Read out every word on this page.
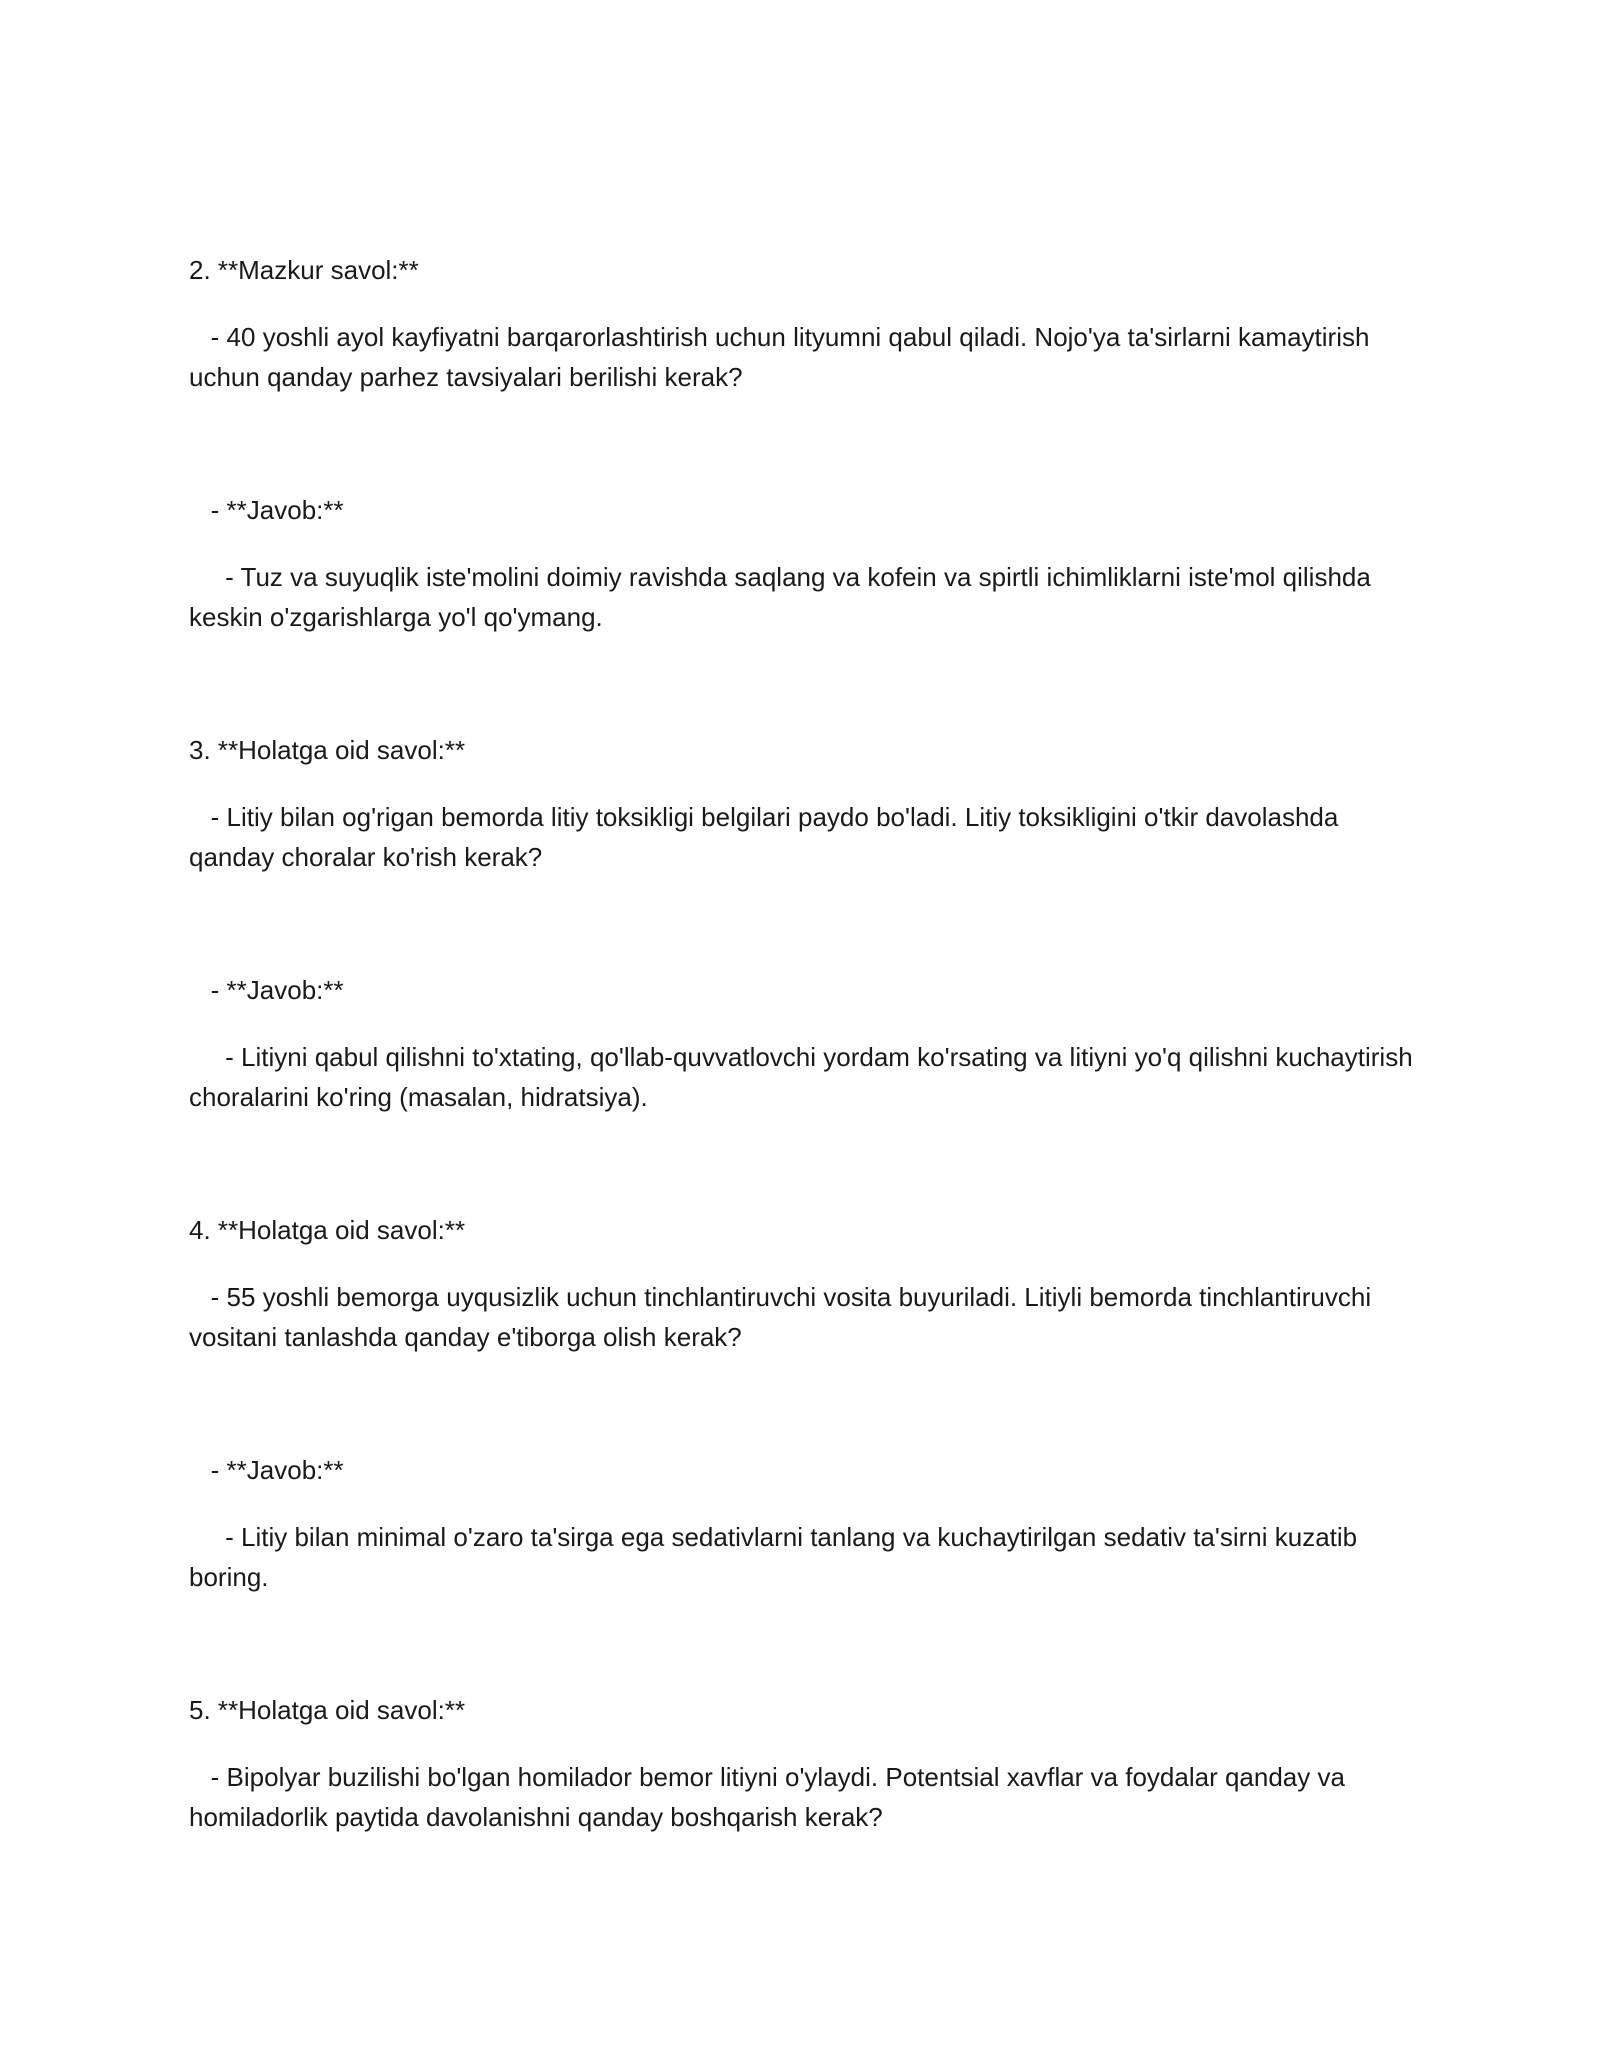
2. **Mazkur savol:**

- 40 yoshli ayol kayfiyatni barqarorlashtirish uchun lityumni qabul qiladi. Nojo'ya ta'sirlarni kamaytirish uchun qanday parhez tavsiyalari berilishi kerak?

- **Javob:**

- Tuz va suyuqlik iste'molini doimiy ravishda saqlang va kofein va spirtli ichimliklarni iste'mol qilishda keskin o'zgarishlarga yo'l qo'ymang.

3. **Holatga oid savol:**

- Litiy bilan og'rigan bemorda litiy toksikligi belgilari paydo bo'ladi. Litiy toksikligini o'tkir davolashda qanday choralar ko'rish kerak?

- **Javob:**

- Litiyni qabul qilishni to'xtating, qo'llab-quvvatlovchi yordam ko'rsating va litiyni yo'q qilishni kuchaytirish choralarini ko'ring (masalan, hidratsiya).

4. **Holatga oid savol:**

- 55 yoshli bemorga uyqusizlik uchun tinchlantiruvchi vosita buyuriladi. Litiyli bemorda tinchlantiruvchi vositani tanlashda qanday e'tiborga olish kerak?

- **Javob:**

- Litiy bilan minimal o'zaro ta'sirga ega sedativlarni tanlang va kuchaytirilgan sedativ ta'sirni kuzatib boring.

5. **Holatga oid savol:**

- Bipolyar buzilishi bo'lgan homilador bemor litiyni o'ylaydi. Potentsial xavflar va foydalar qanday va homiladorlik paytida davolanishni qanday boshqarish kerak?
